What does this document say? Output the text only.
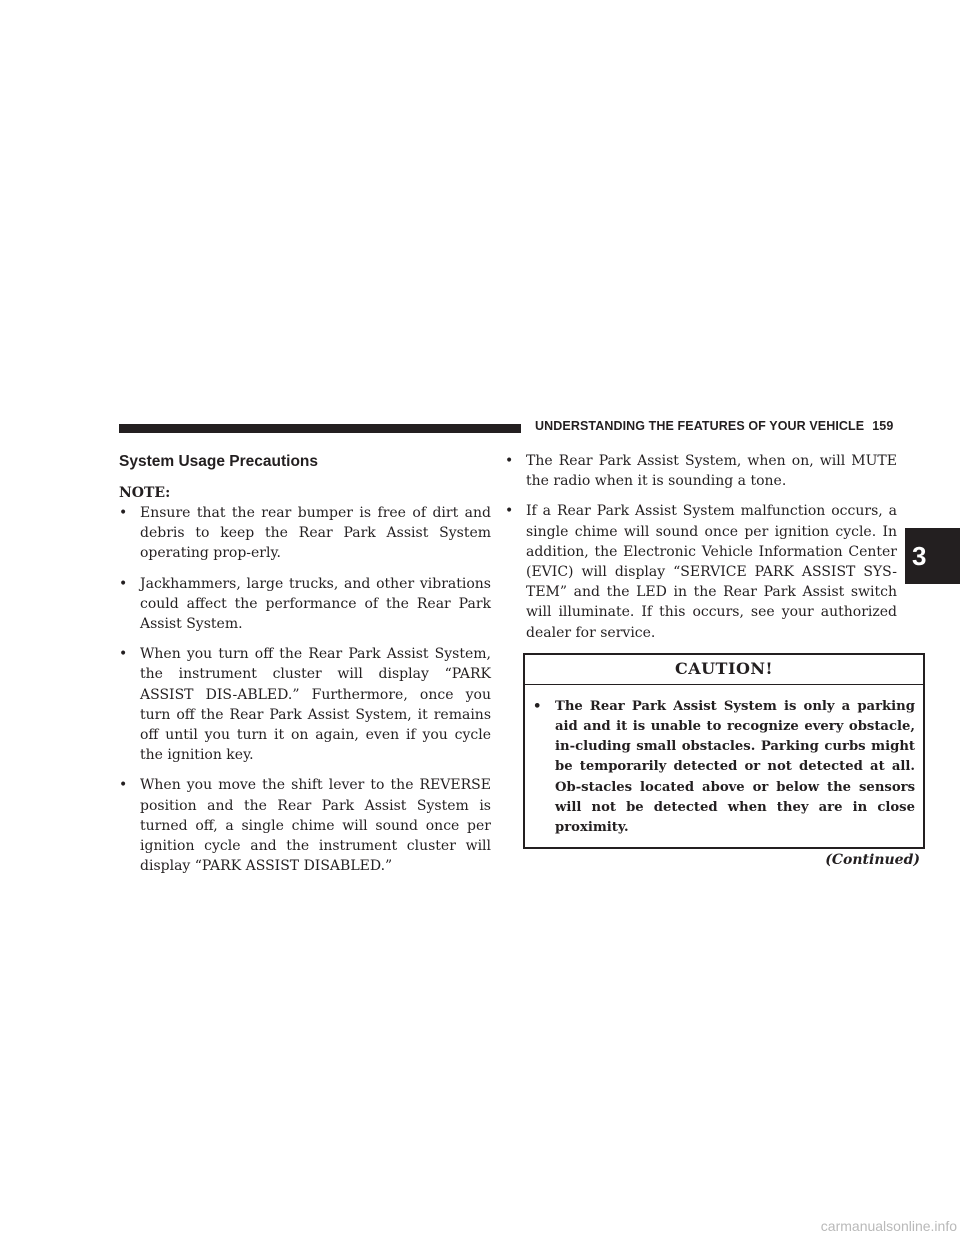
UNDERSTANDING THE FEATURES OF YOUR VEHICLE 159
3
System Usage Precautions

NOTE:

• Ensure that the rear bumper is free of dirt and debris to keep the Rear Park Assist System operating prop-erly.
• Jackhammers, large trucks, and other vibrations could affect the performance of the Rear Park Assist System.
• When you turn off the Rear Park Assist System, the instrument cluster will display “PARK ASSIST DIS-ABLED.” Furthermore, once you turn off the Rear Park Assist System, it remains off until you turn it on again, even if you cycle the ignition key.
• When you move the shift lever to the REVERSE position and the Rear Park Assist System is turned off, a single chime will sound once per ignition cycle and the instrument cluster will display “PARK ASSIST DISABLED.”
• The Rear Park Assist System, when on, will MUTE the radio when it is sounding a tone.
• If a Rear Park Assist System malfunction occurs, a single chime will sound once per ignition cycle. In addition, the Electronic Vehicle Information Center (EVIC) will display “SERVICE PARK ASSIST SYS-TEM” and the LED in the Rear Park Assist switch will illuminate. If this occurs, see your authorized dealer for service.
CAUTION!
•	The Rear Park Assist System is only a parking aid and it is unable to recognize every obstacle, in-cluding small obstacles. Parking curbs might be temporarily detected or not detected at all. Ob-stacles located above or below the sensors will not be detected when they are in close proximity.

(Continued)

carmanualsonline.info
